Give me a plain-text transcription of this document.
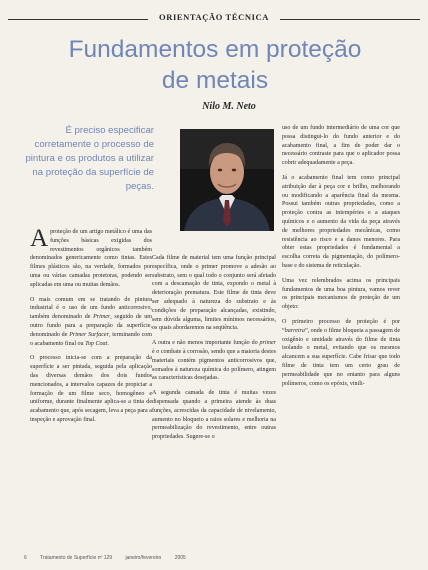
ORIENTAÇÃO TÉCNICA
Fundamentos em proteção
de metais
Nilo M. Neto
É preciso especificar corretamente o processo de pintura e os produtos a utilizar na proteção da superfície de peças.

Aproteção de um artigo metálico é uma das funções básicas exigidas dos revestimentos orgânicos também denominados genericamente como tintas. Estes filmes plásticos são, na verdade, formados por uma ou várias camadas protetoras, podendo ser aplicadas em uma ou muitas demãos.

O mais comum em se tratando de pintura industrial é o uso de um fundo anticorrosivo, também denominado de Primer, seguido de um outro fundo para a preparação da superfície, denominado de Primer Surfacer, terminando com o acabamento final ou Top Coat.

O processo inicia-se com a preparação da superfície a ser pintada, seguida pela aplicação das diversas demãos dos dois fundos mencionados, a intervalos capazes de propiciar a formação de um filme seco, homogêneo e uniforme, durante finalmente aplica-se a tinta de acabamento que, após secagem, leva a peça para a inspeção e aprovação final.

Cada filme de material tem uma função principal específica, onde o primer promove a adesão ao substrato, sem o qual todo o conjunto será afetado com a descamação de tinta, expondo o metal à deterioração prematura. Este filme de tinta deve ser adequado à natureza do substrato e às condições de preparação alcançadas, existindo, sem dúvida alguma, limites mínimos necessários, os quais abordaremos na seqüência.

A outra e não menos importante função do primer é o combate à corrosão, sendo que a maioria destes materiais contém pigmentos anticorrosivos que, somados à natureza química do polímero, atingem as características desejadas.

A segunda camada de tinta é muitas vezes dispensada quando a primeira atende às duas funções, acrescidas da capacidade de nivelamento, aumento no bloqueio a raios solares e melhoria na permeabilização do revestimento, entre outras propriedades. Sugere-se o

uso de um fundo intermediário de uma cor que possa distingui-lo do fundo anterior e do acabamento final, a fim de poder dar o necessário contraste para que o aplicador possa cobrir adequadamente a peça.

Já o acabamento final tem como principal atribuição dar à peça cor e brilho, melhorando ou modificando a aparência final da mesma. Possui também outras propriedades, como a proteção contra as intempéries e a ataques químicos e o aumento da vida da peça através de melhores propriedades mecânicas, como resistência ao risco e a danos menores. Para obter estas propriedades é fundamental a escolha correta da pigmentação, do polímero-base e do sistema de reticulação.

Uma vez relembrados acima os principais fundamentos de uma boa pintura, vamos rever os principais mecanismos de proteção de um objeto:

O primeiro processo de proteção é por “barreira”, onde o filme bloqueia a passagem de oxigênio e umidade através do filme de tinta isolando o metal, evitando que os mesmos alcancem a sua superfície. Cabe frisar que todo filme de tinta tem um certo grau de permeabilidade que no entanto para alguns polímeros, como os epóxis, vinili-

6	Tratamento de Superfície nº 129	janeiro/fevereiro	2005
